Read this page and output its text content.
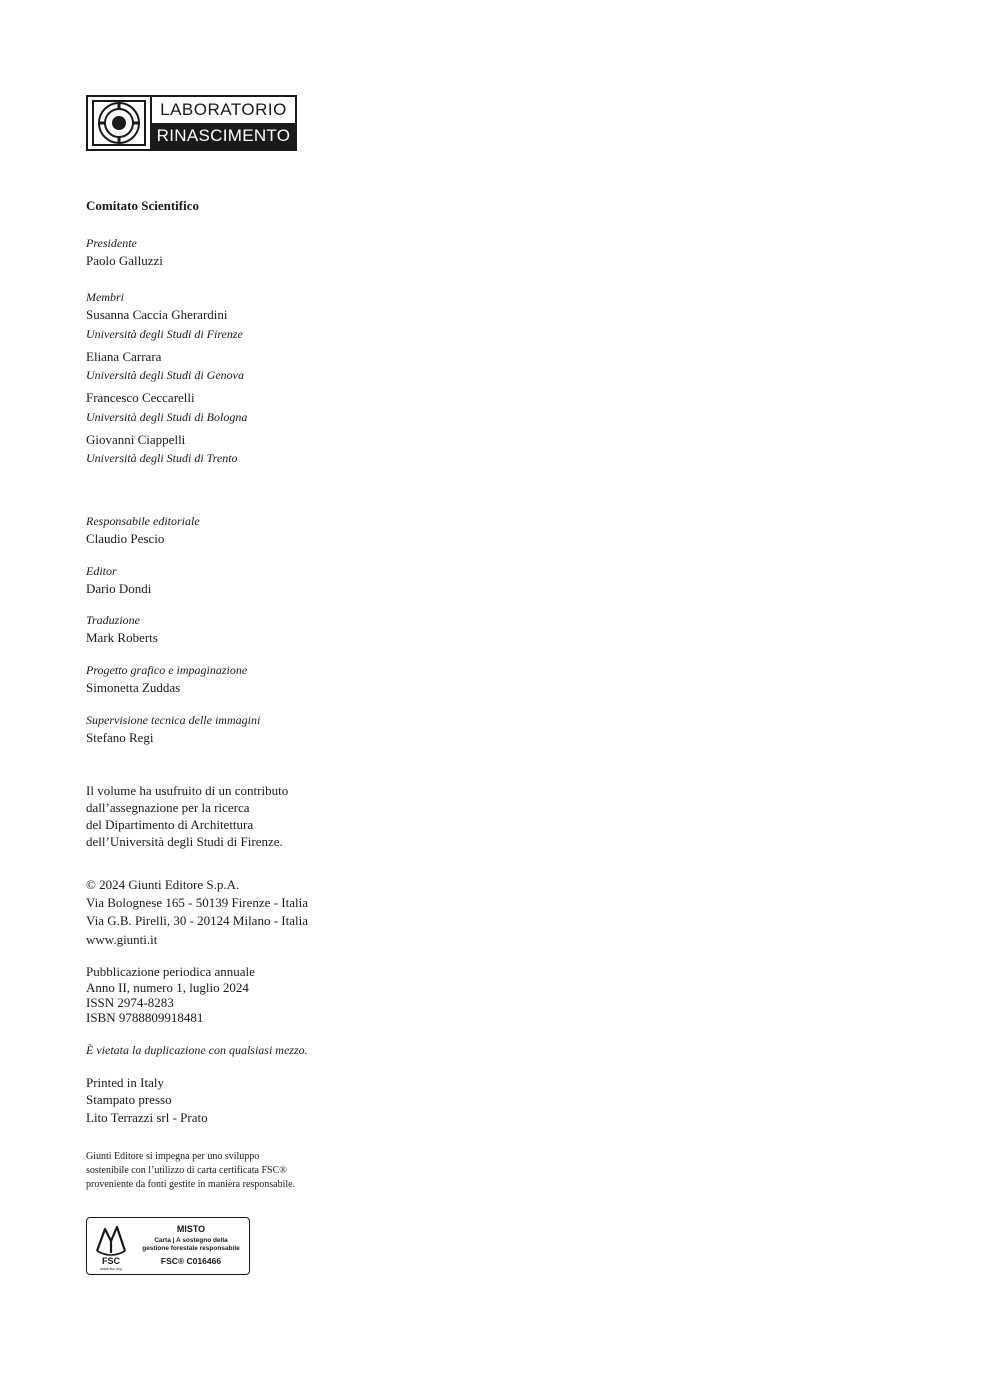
LABORATORIO
RINASCIMENTO
Comitato Scientifico
Presidente
Paolo Galluzzi
Membri
Susanna Caccia Gherardini
Università degli Studi di Firenze
Eliana Carrara
Università degli Studi di Genova
Francesco Ceccarelli
Università degli Studi di Bologna
Giovanni Ciappelli
Università degli Studi di Trento
Responsabile editoriale
Claudio Pescio
Editor
Dario Dondi
Traduzione
Mark Roberts
Progetto grafico e impaginazione
Simonetta Zuddas
Supervisione tecnica delle immagini
Stefano Regi
Il volume ha usufruito di un contributo
dall’assegnazione per la ricerca
del Dipartimento di Architettura
dell’Università degli Studi di Firenze.
© 2024 Giunti Editore S.p.A.
Via Bolognese 165 - 50139 Firenze - Italia
Via G.B. Pirelli, 30 - 20124 Milano - Italia
www.giunti.it
Pubblicazione periodica annuale
Anno II, numero 1, luglio 2024
ISSN 2974-8283
ISBN 9788809918481
È vietata la duplicazione con qualsiasi mezzo.
Printed in Italy
Stampato presso
Lito Terrazzi srl - Prato
Giunti Editore si impegna per uno sviluppo
sostenibile con l’utilizzo di carta certificata FSC®
proveniente da fonti gestite in maniera responsabile.
FSC
www.fsc.org
MISTO
Carta | A sostegno della
gestione forestale responsabile
FSC® C016466
